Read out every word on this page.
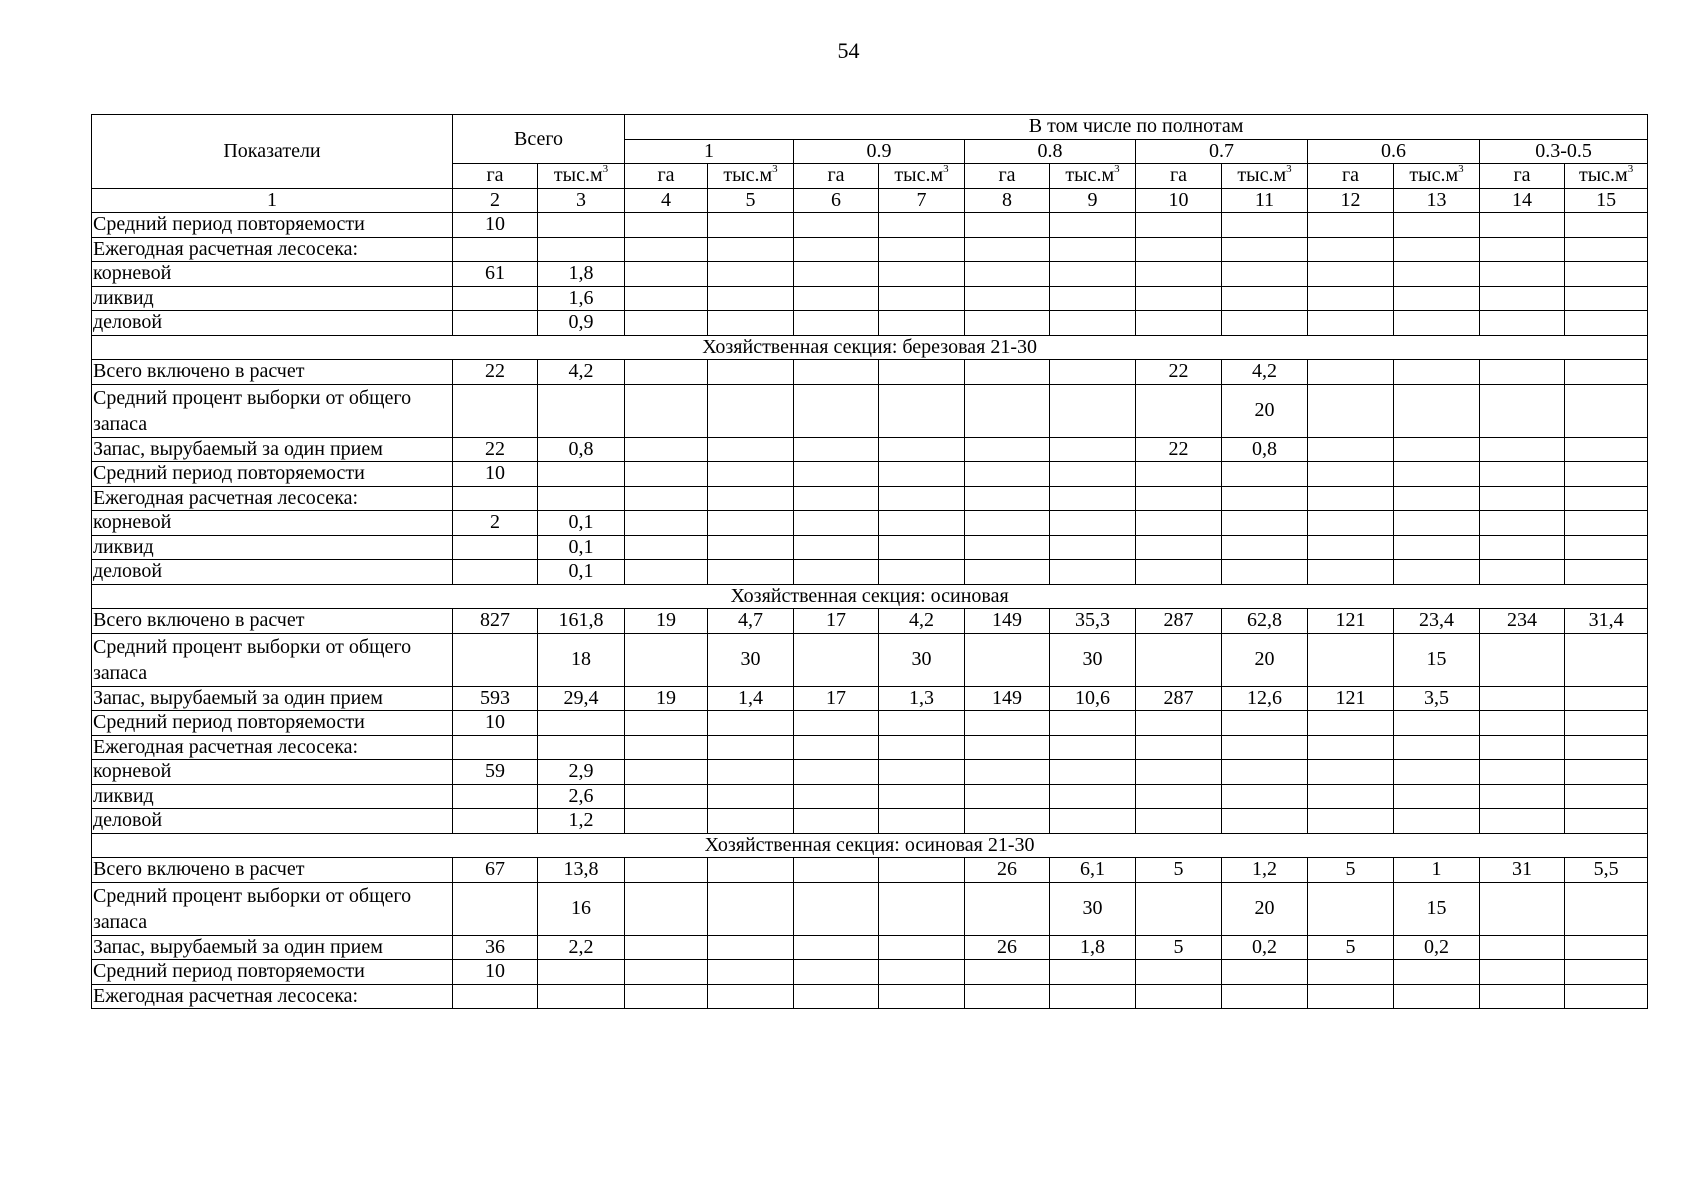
54
Показатели	Всего		В том числе по полнотам											
			1		0.9		0.8		0.7		0.6		0.3-0.5	
	га	$тыс.м^3$	га	$тыс.м^3$	га	$тыс.м^3$	га	$тыс.м^3$	га	$тыс.м^3$	га	$тыс.м^3$	га	$тыс.м^3$
1	2	3	4	5	6	7	8	9	10	11	12	13	14	15
Средний период повторяемости	10													
Ежегодная расчетная лесосека:														
корневой	61	1,8												
ликвид		1,6												
деловой		0,9												
Хозяйственная секция: березовая 21-30														
Всего включено в расчет	22	4,2							22	4,2				
Средний процент выборки от общего запаса										20				
Запас, вырубаемый за один прием	22	0,8							22	0,8				
Средний период повторяемости	10													
Ежегодная расчетная лесосека:														
корневой	2	0,1												
ликвид		0,1												
деловой		0,1												
Хозяйственная секция: осиновая														
Всего включено в расчет	827	161,8	19	4,7	17	4,2	149	35,3	287	62,8	121	23,4	234	31,4
Средний процент выборки от общего запаса		18		30		30		30		20		15		
Запас, вырубаемый за один прием	593	29,4	19	1,4	17	1,3	149	10,6	287	12,6	121	3,5		
Средний период повторяемости	10													
Ежегодная расчетная лесосека:														
корневой	59	2,9												
ликвид		2,6												
деловой		1,2												
Хозяйственная секция: осиновая 21-30														
Всего включено в расчет	67	13,8					26	6,1	5	1,2	5	1	31	5,5
Средний процент выборки от общего запаса		16						30		20		15		
Запас, вырубаемый за один прием	36	2,2					26	1,8	5	0,2	5	0,2		
Средний период повторяемости	10													
Ежегодная расчетная лесосека:														
